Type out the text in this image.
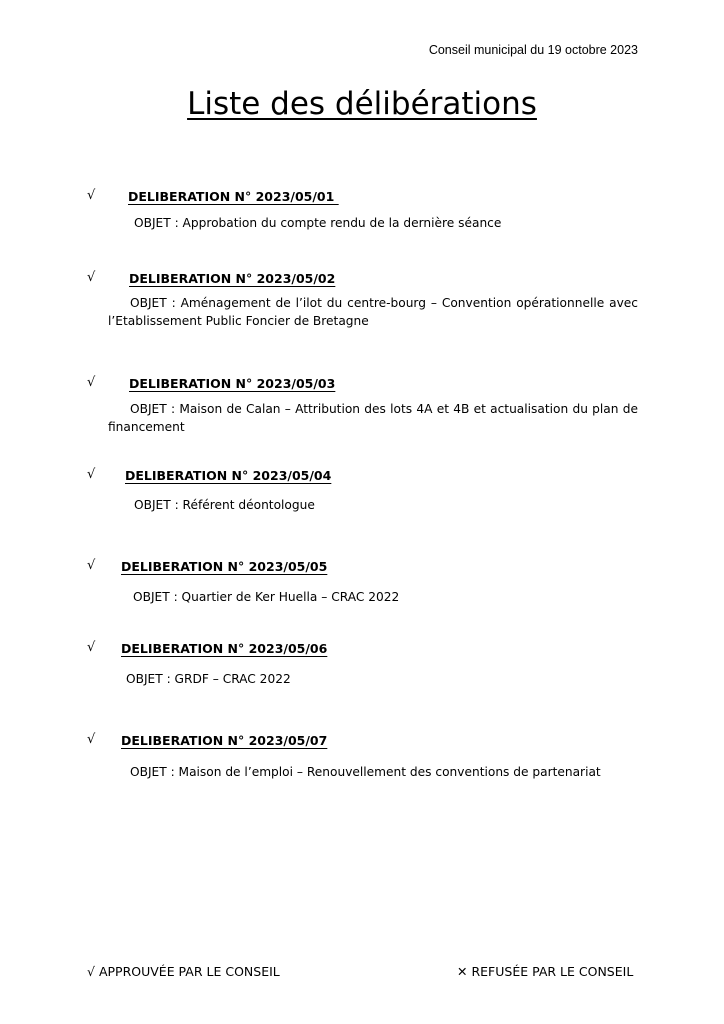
Conseil municipal du 19 octobre 2023
Liste des délibérations
√	DELIBERATION N° 2023/05/01
OBJET : Approbation du compte rendu de la dernière séance
√	DELIBERATION N° 2023/05/02
OBJET : Aménagement de l’ilot du centre-bourg – Convention opérationnelle avec l’Etablissement Public Foncier de Bretagne
√	DELIBERATION N° 2023/05/03
OBJET : Maison de Calan – Attribution des lots 4A et 4B et actualisation du plan de financement
√ DELIBERATION N° 2023/05/04
OBJET : Référent déontologue
√ DELIBERATION N° 2023/05/05
OBJET : Quartier de Ker Huella – CRAC 2022
√ DELIBERATION N° 2023/05/06
OBJET : GRDF – CRAC 2022
√ DELIBERATION N° 2023/05/07
OBJET : Maison de l’emploi – Renouvellement des conventions de partenariat
√ APPROUVÉE PAR LE CONSEIL	✕ REFUSÉE PAR LE CONSEIL
